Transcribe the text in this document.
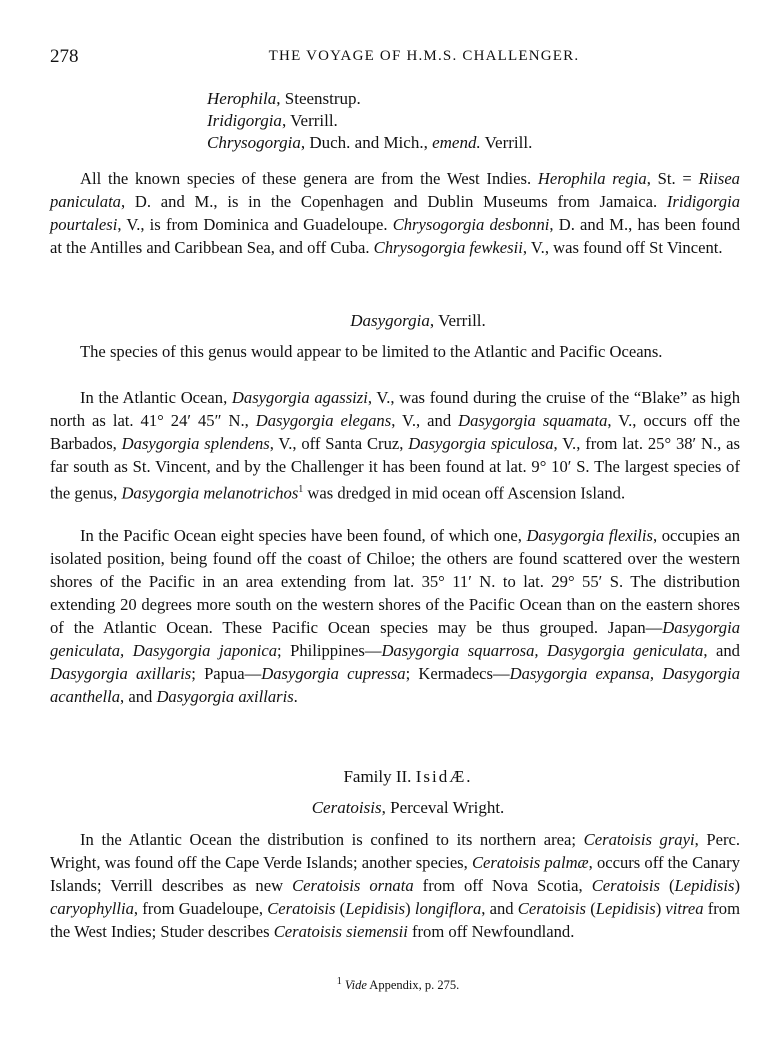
278	THE VOYAGE OF H.M.S. CHALLENGER.
Herophila, Steenstrup.
Iridigorgia, Verrill.
Chrysogorgia, Duch. and Mich., emend. Verrill.

All the known species of these genera are from the West Indies. Herophila regia, St. = Riisea paniculata, D. and M., is in the Copenhagen and Dublin Museums from Jamaica. Iridigorgia pourtalesi, V., is from Dominica and Guadeloupe. Chrysogorgia desbonni, D. and M., has been found at the Antilles and Caribbean Sea, and off Cuba. Chrysogorgia fewkesii, V., was found off St Vincent.

Dasygorgia, Verrill.

The species of this genus would appear to be limited to the Atlantic and Pacific Oceans.

In the Atlantic Ocean, Dasygorgia agassizi, V., was found during the cruise of the “Blake” as high north as lat. 41° 24′ 45″ N., Dasygorgia elegans, V., and Dasygorgia squamata, V., occurs off the Barbados, Dasygorgia splendens, V., off Santa Cruz, Dasygorgia spiculosa, V., from lat. 25° 38′ N., as far south as St. Vincent, and by the Challenger it has been found at lat. 9° 10′ S. The largest species of the genus, Dasygorgia melanotrichos$^1$ was dredged in mid ocean off Ascension Island.

In the Pacific Ocean eight species have been found, of which one, Dasygorgia flexilis, occupies an isolated position, being found off the coast of Chiloe; the others are found scattered over the western shores of the Pacific in an area extending from lat. 35° 11′ N. to lat. 29° 55′ S. The distribution extending 20 degrees more south on the western shores of the Pacific Ocean than on the eastern shores of the Atlantic Ocean. These Pacific Ocean species may be thus grouped. Japan—Dasygorgia geniculata, Dasygorgia japonica; Philippines—Dasygorgia squarrosa, Dasygorgia geniculata, and Dasygorgia axillaris; Papua—Dasygorgia cupressa; Kermadecs—Dasygorgia expansa, Dasygorgia acanthella, and Dasygorgia axillaris.

Family II. IsidÆ.
Ceratoisis, Perceval Wright.

In the Atlantic Ocean the distribution is confined to its northern area; Ceratoisis grayi, Perc. Wright, was found off the Cape Verde Islands; another species, Ceratoisis palmæ, occurs off the Canary Islands; Verrill describes as new Ceratoisis ornata from off Nova Scotia, Ceratoisis (Lepidisis) caryophyllia, from Guadeloupe, Ceratoisis (Lepidisis) longiflora, and Ceratoisis (Lepidisis) vitrea from the West Indies; Studer describes Ceratoisis siemensii from off Newfoundland.

$^1$ Vide Appendix, p. 275.
